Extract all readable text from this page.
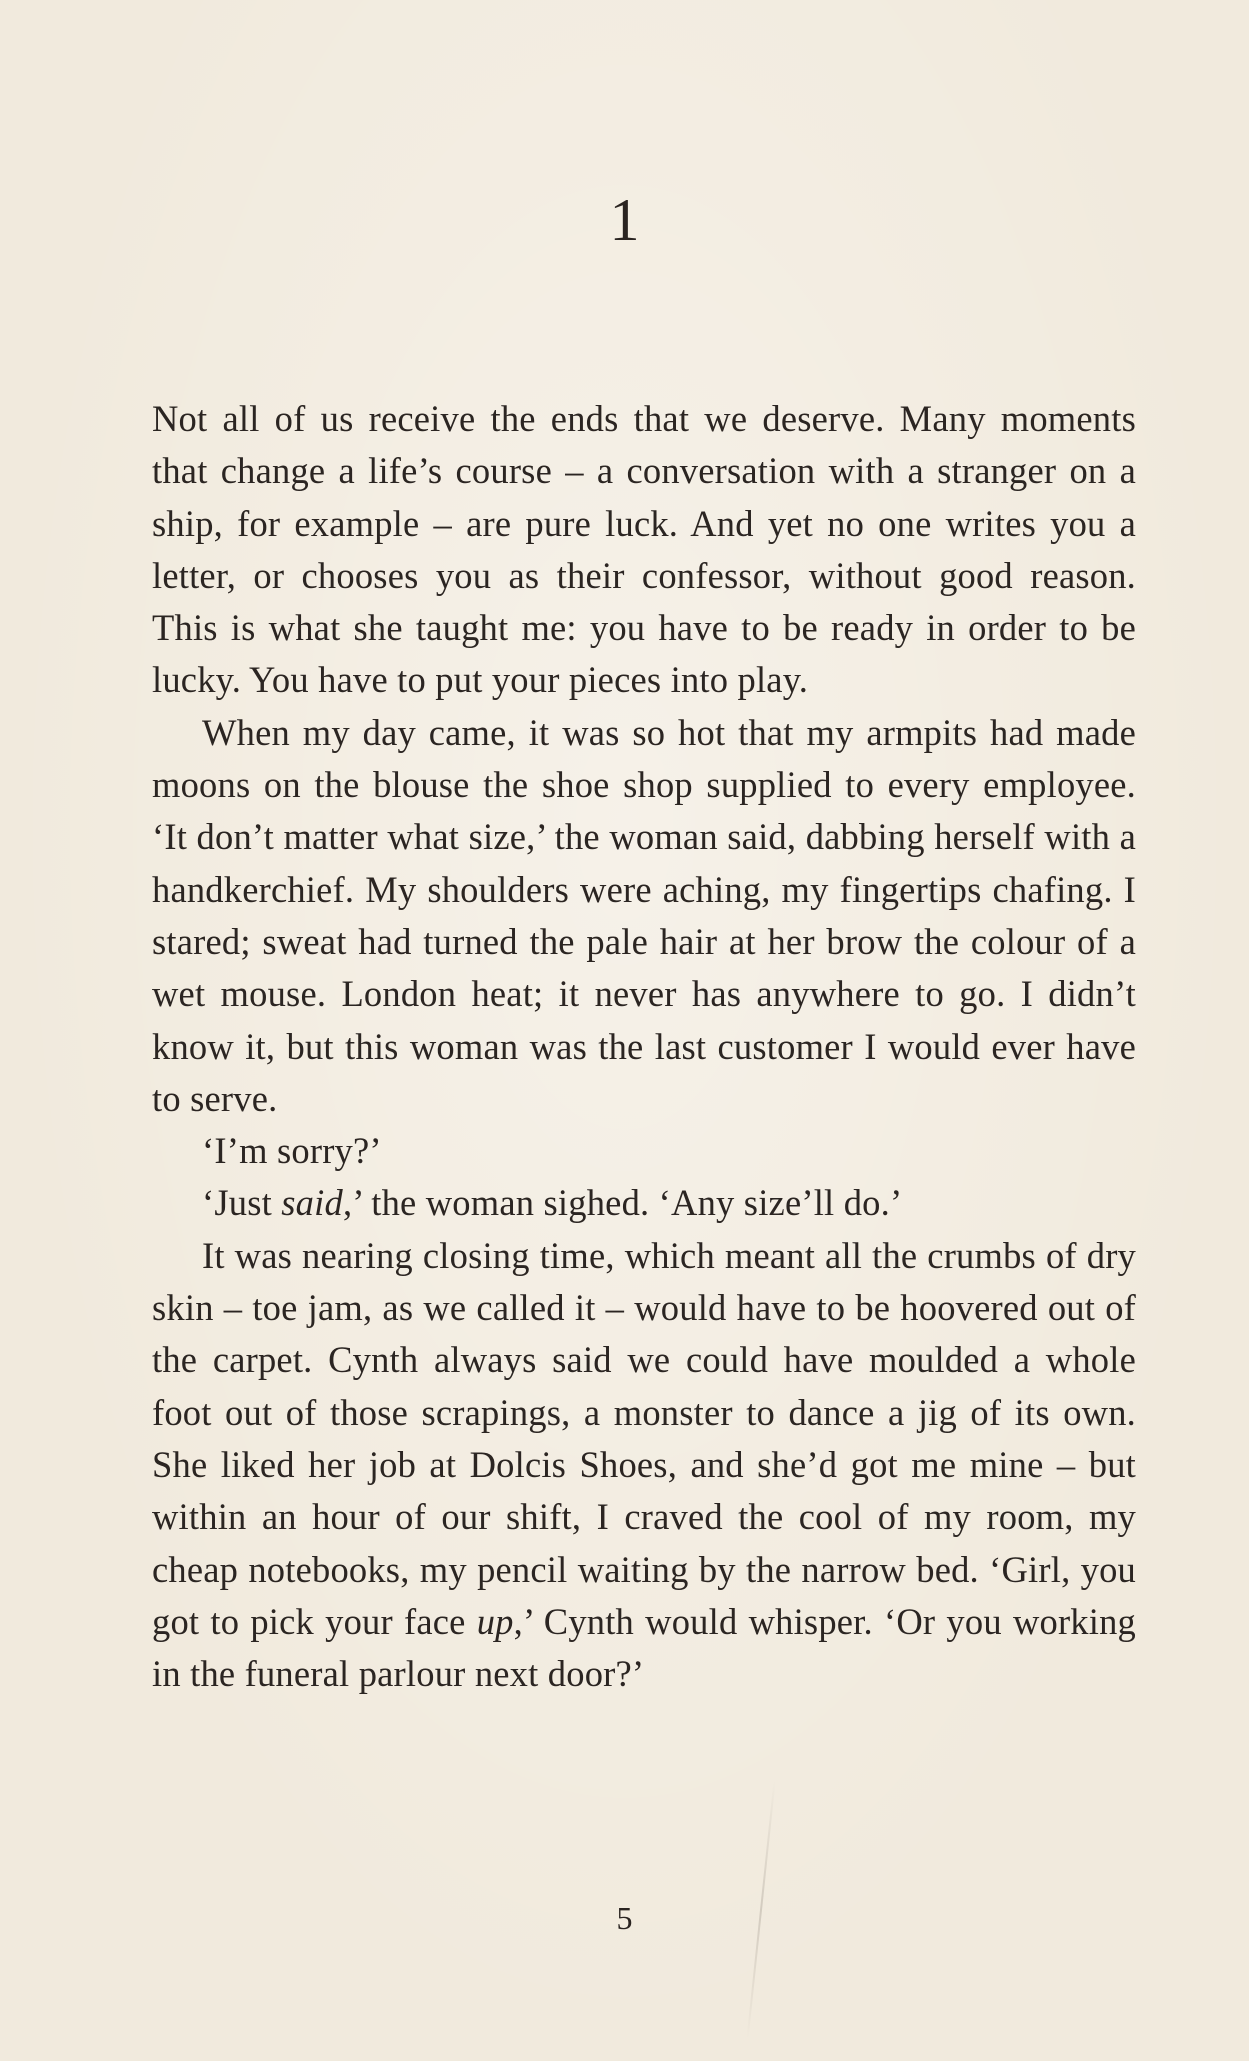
1

Not all of us receive the ends that we deserve. Many moments that change a life’s course – a conversation with a stranger on a ship, for example – are pure luck. And yet no one writes you a letter, or chooses you as their confessor, without good reason. This is what she taught me: you have to be ready in order to be lucky. You have to put your pieces into play.

When my day came, it was so hot that my armpits had made moons on the blouse the shoe shop supplied to every employee. ‘It don’t matter what size,’ the woman said, dabbing herself with a handkerchief. My shoulders were aching, my fingertips chafing. I stared; sweat had turned the pale hair at her brow the colour of a wet mouse. London heat; it never has anywhere to go. I didn’t know it, but this woman was the last customer I would ever have to serve.

‘I’m sorry?’

‘Just said,’ the woman sighed. ‘Any size’ll do.’

It was nearing closing time, which meant all the crumbs of dry skin – toe jam, as we called it – would have to be hoovered out of the carpet. Cynth always said we could have moulded a whole foot out of those scrapings, a monster to dance a jig of its own. She liked her job at Dolcis Shoes, and she’d got me mine – but within an hour of our shift, I craved the cool of my room, my cheap notebooks, my pencil waiting by the narrow bed. ‘Girl, you got to pick your face up,’ Cynth would whisper. ‘Or you working in the funeral parlour next door?’

5
